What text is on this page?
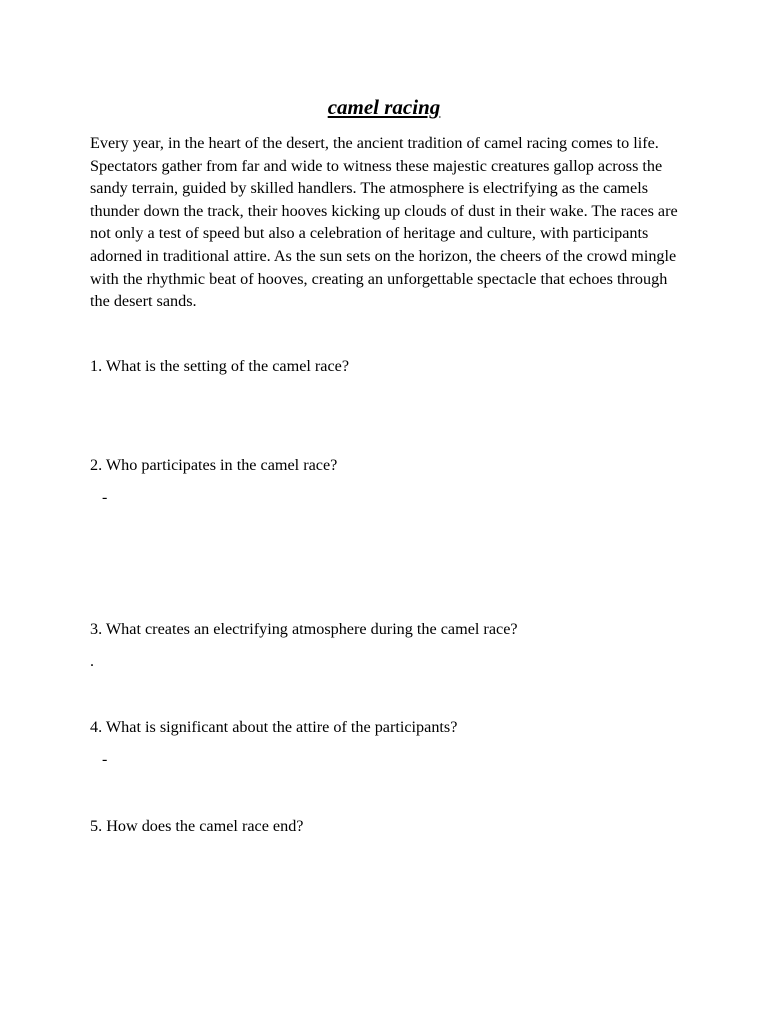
camel racing

Every year, in the heart of the desert, the ancient tradition of camel racing comes to life. Spectators gather from far and wide to witness these majestic creatures gallop across the sandy terrain, guided by skilled handlers. The atmosphere is electrifying as the camels thunder down the track, their hooves kicking up clouds of dust in their wake. The races are not only a test of speed but also a celebration of heritage and culture, with participants adorned in traditional attire. As the sun sets on the horizon, the cheers of the crowd mingle with the rhythmic beat of hooves, creating an unforgettable spectacle that echoes through the desert sands.

1. What is the setting of the camel race?

2. Who participates in the camel race?

-

3. What creates an electrifying atmosphere during the camel race?

.

4. What is significant about the attire of the participants?

-

5. How does the camel race end?
